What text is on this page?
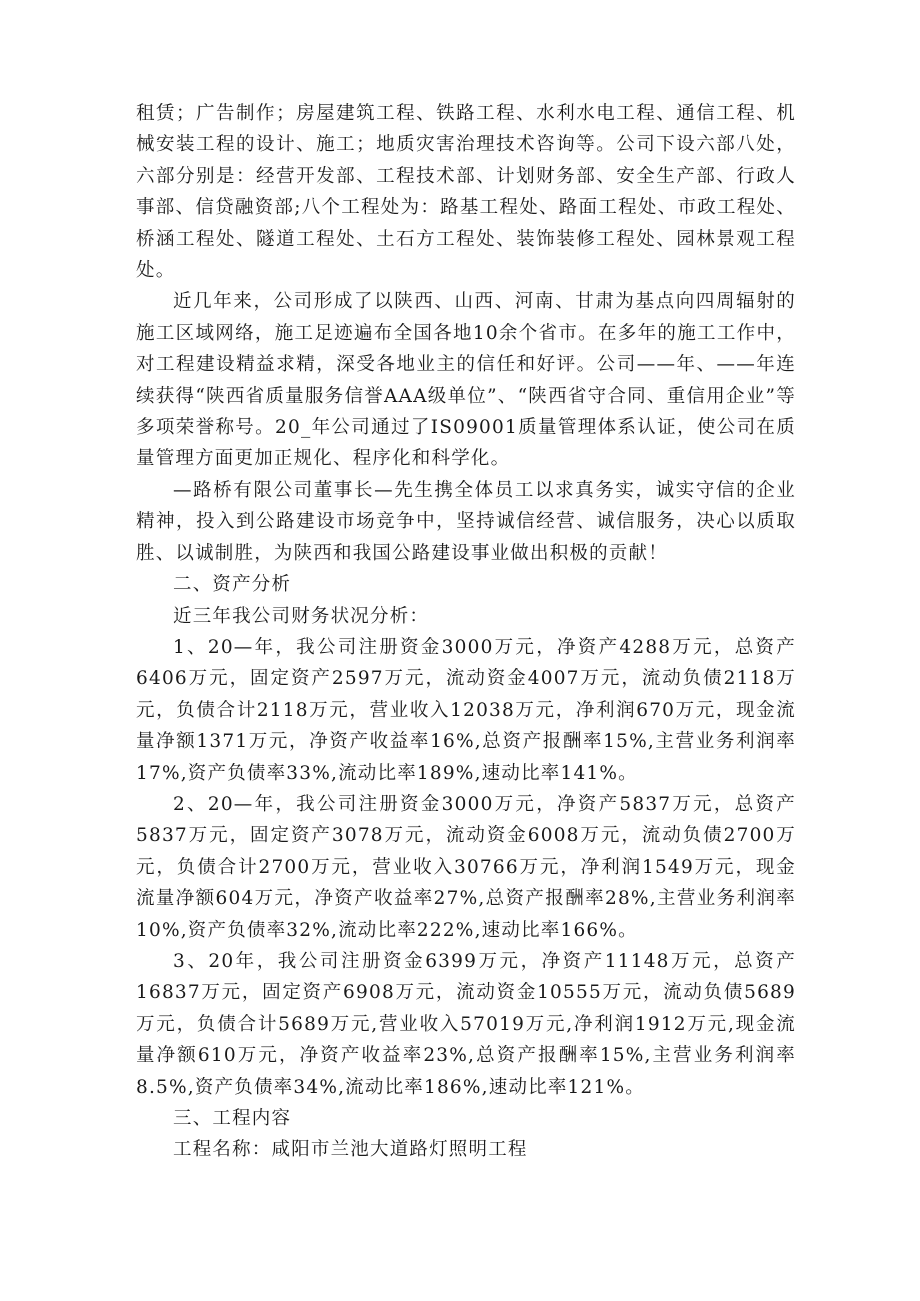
租赁；广告制作；房屋建筑工程、铁路工程、水利水电工程、通信工程、机械安装工程的设计、施工；地质灾害治理技术咨询等。公司下设六部八处，六部分别是：经营开发部、工程技术部、计划财务部、安全生产部、行政人事部、信贷融资部;八个工程处为：路基工程处、路面工程处、市政工程处、桥涵工程处、隧道工程处、土石方工程处、装饰装修工程处、园林景观工程处。

近几年来，公司形成了以陕西、山西、河南、甘肃为基点向四周辐射的施工区域网络，施工足迹遍布全国各地10余个省市。在多年的施工工作中，对工程建设精益求精，深受各地业主的信任和好评。公司——年、——年连续获得“陕西省质量服务信誉AAA级单位”、“陕西省守合同、重信用企业”等多项荣誉称号。20_年公司通过了IS09001质量管理体系认证，使公司在质量管理方面更加正规化、程序化和科学化。

—路桥有限公司董事长—先生携全体员工以求真务实，诚实守信的企业精神，投入到公路建设市场竞争中，坚持诚信经营、诚信服务，决心以质取胜、以诚制胜，为陕西和我国公路建设事业做出积极的贡献！

二、资产分析

近三年我公司财务状况分析：

1、20—年，我公司注册资金3000万元，净资产4288万元，总资产6406万元，固定资产2597万元，流动资金4007万元，流动负债2118万元，负债合计2118万元，营业收入12038万元，净利润670万元，现金流量净额1371万元，净资产收益率16%,总资产报酬率15%,主营业务利润率17%,资产负债率33%,流动比率189%,速动比率141%。

2、20—年，我公司注册资金3000万元，净资产5837万元，总资产5837万元，固定资产3078万元，流动资金6008万元，流动负债2700万元，负债合计2700万元，营业收入30766万元，净利润1549万元，现金流量净额604万元，净资产收益率27%,总资产报酬率28%,主营业务利润率10%,资产负债率32%,流动比率222%,速动比率166%。

3、20年，我公司注册资金6399万元，净资产11148万元，总资产16837万元，固定资产6908万元，流动资金10555万元，流动负债5689万元，负债合计5689万元,营业收入57019万元,净利润1912万元,现金流量净额610万元，净资产收益率23%,总资产报酬率15%,主营业务利润率8.5%,资产负债率34%,流动比率186%,速动比率121%。

三、工程内容

工程名称：咸阳市兰池大道路灯照明工程
